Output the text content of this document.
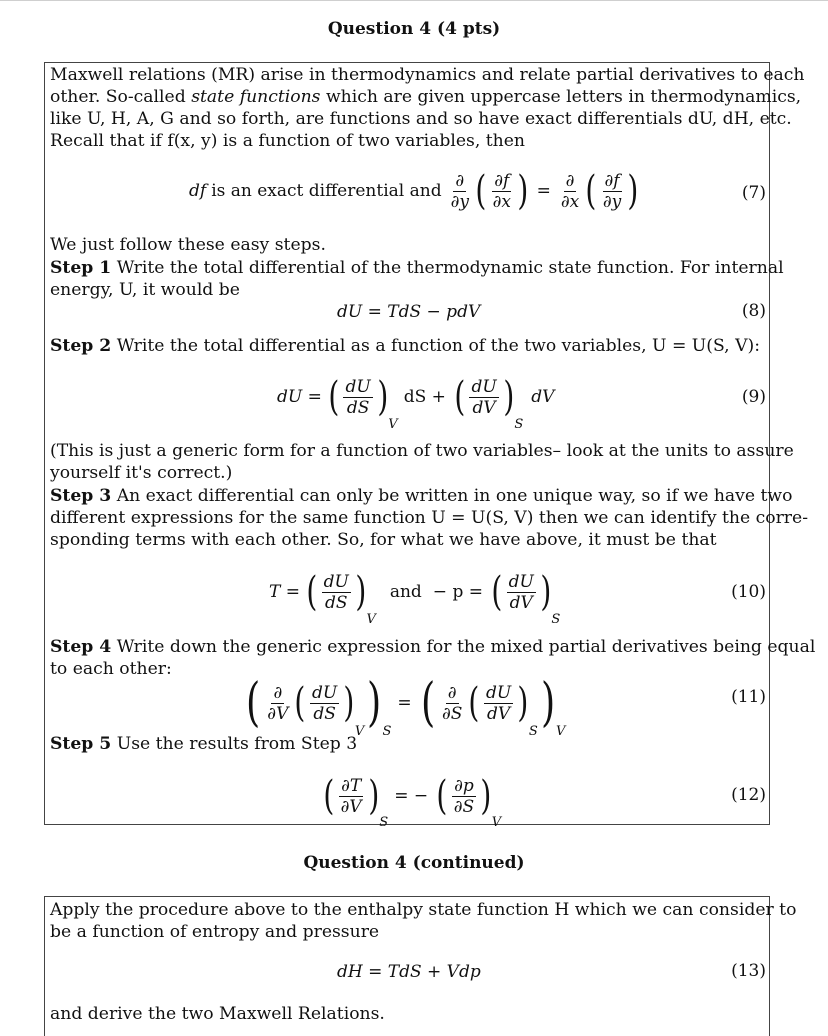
Question 4 (4 pts)

Maxwell relations (MR) arise in thermodynamics and relate partial derivatives to each

other. So-called state functions which are given uppercase letters in thermodynamics,

like U, H, A, G and so forth, are functions and so have exact differentials dU, dH, etc.

Recall that if f(x, y) is a function of two variables, then

df is an exact differential and $\frac{\partial}{\partial y}$ ( $\frac{\partial f}{\partial x}$ ) = $\frac{\partial}{\partial x}$ ( $\frac{\partial f}{\partial y}$ )	(7)

We just follow these easy steps.

Step 1 Write the total differential of the thermodynamic state function. For internal

energy, U, it would be

dU = TdS − pdV	(8)

Step 2 Write the total differential as a function of the two variables, U = U(S, V):

dU = ( $\frac{dU}{dS}$ )
V
dS + ( $\frac{dU}{dV}$ )
S
dV	(9)

(This is just a generic form for a function of two variables– look at the units to assure

yourself it's correct.)

Step 3 An exact differential can only be written in one unique way, so if we have two

different expressions for the same function U = U(S, V) then we can identify the corre-

sponding terms with each other. So, for what we have above, it must be that

T = ( $\frac{dU}{dS}$ )
V
and − p = ( $\frac{dU}{dV}$ )
S
(10)

Step 4 Write down the generic expression for the mixed partial derivatives being equal

to each other:

( $\frac{\partial}{\partial V}$ ( $\frac{dU}{dS}$ )
V ) S
= ( $\frac{\partial}{\partial S}$ ( $\frac{dU}{dV}$ )
S ) V
(11)

Step 5 Use the results from Step 3

( $\frac{\partial T}{\partial V}$ )
S
= − ( $\frac{\partial p}{\partial S}$ )
V
(12)
Question 4 (continued)

Apply the procedure above to the enthalpy state function H which we can consider to

be a function of entropy and pressure

dH = TdS + Vdp	(13)

and derive the two Maxwell Relations.
